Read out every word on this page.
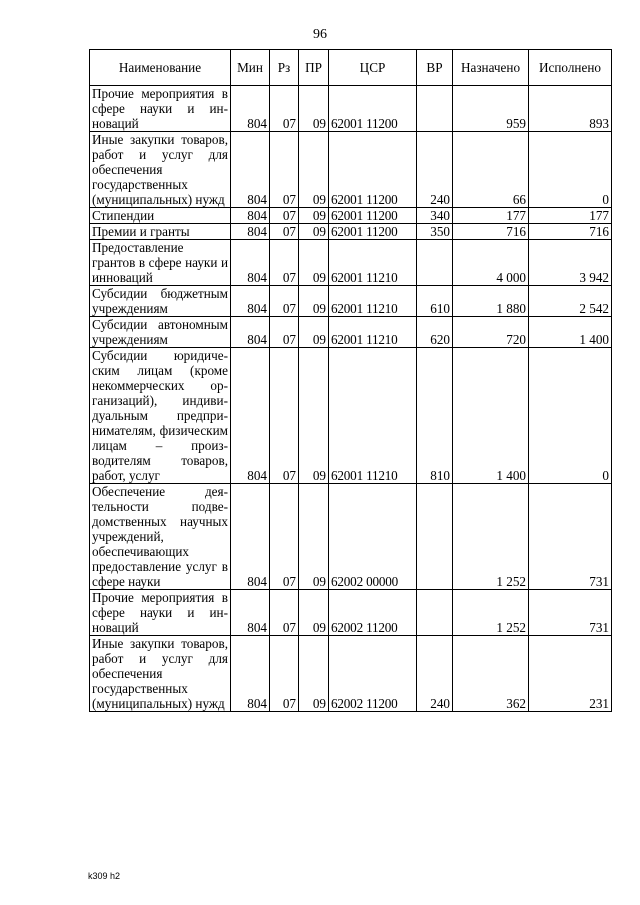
96
Наименование	Мин	Рз	ПР	ЦСР	ВР	Назначено	Исполнено
Прочие мероприятия в сфере науки и инноваций	804	07	09	62001 11200		959	893
Иные закупки товаров, работ и услуг для обеспечения государственных (муниципальных) нужд	804	07	09	62001 11200	240	66	0
Стипендии	804	07	09	62001 11200	340	177	177
Премии и гранты	804	07	09	62001 11200	350	716	716
Предоставление грантов в сфере науки и инноваций	804	07	09	62001 11210		4 000	3 942
Субсидии бюджетным учреждениям	804	07	09	62001 11210	610	1 880	2 542
Субсидии автономным учреждениям	804	07	09	62001 11210	620	720	1 400
Субсидии юридическим лицам (кроме некоммерческих организаций), индивидуальным предпринимателям, физическим лицам – производителям товаров, работ, услуг	804	07	09	62001 11210	810	1 400	0
Обеспечение деятельности подведомственных научных учреждений, обеспечивающих предоставление услуг в сфере науки	804	07	09	62002 00000		1 252	731
Прочие мероприятия в сфере науки и инноваций	804	07	09	62002 11200		1 252	731
Иные закупки товаров, работ и услуг для обеспечения государственных (муниципальных) нужд	804	07	09	62002 11200	240	362	231
k309 h2
